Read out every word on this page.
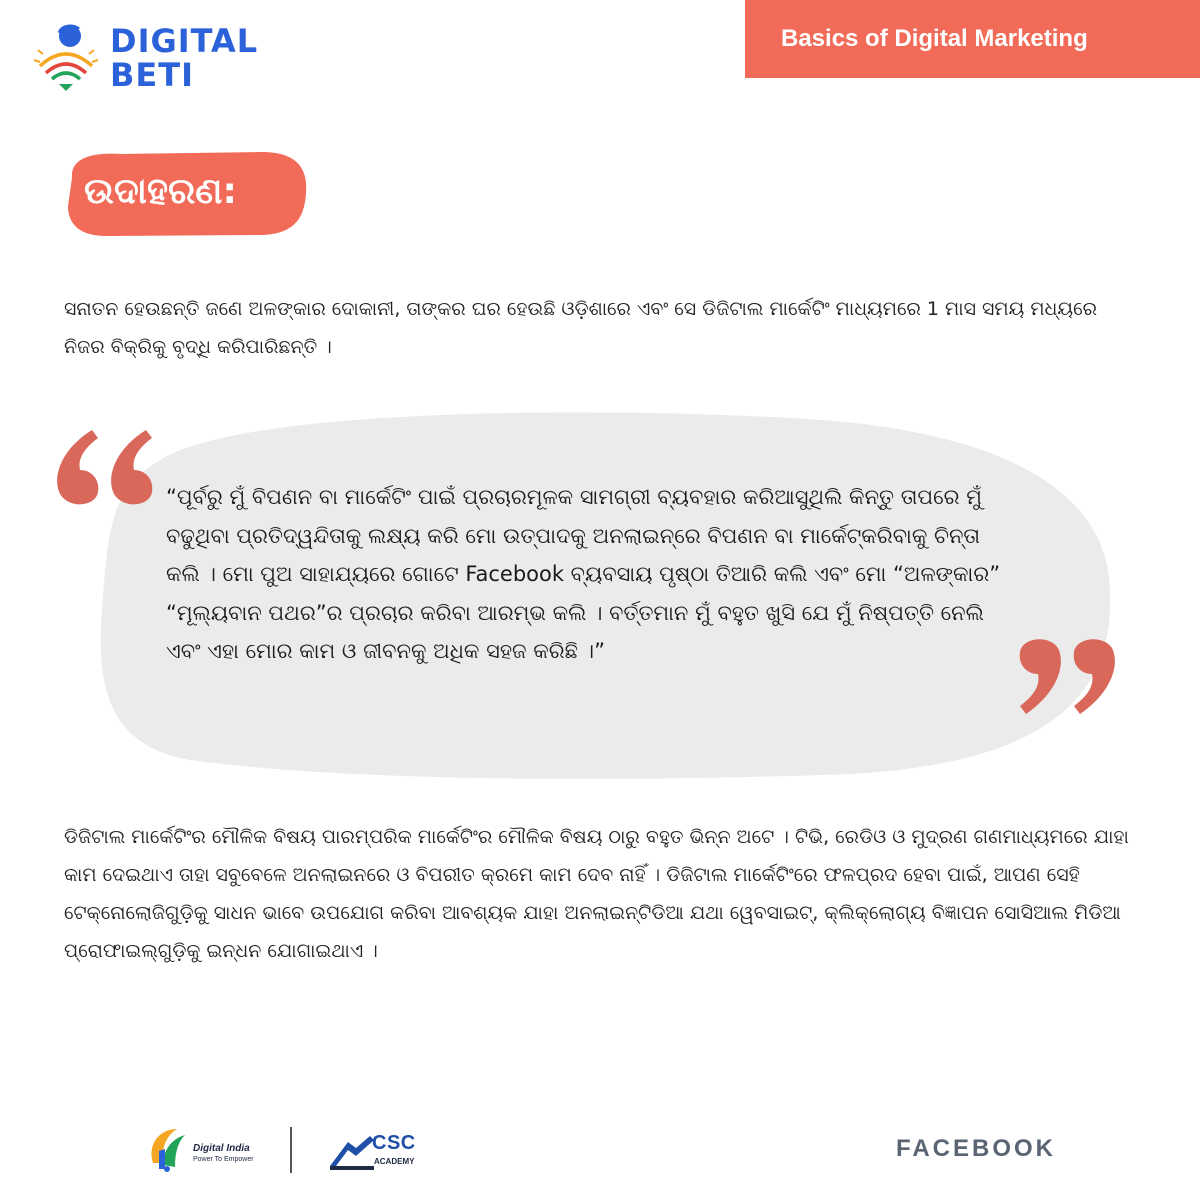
DIGITAL
BETI
Basics of Digital Marketing
ଉଦାହରଣ:
ସନାତନ ହେଉଛନ୍ତି ଜଣେ ଅଳଙ୍କାର ଦୋକାନୀ, ତାଙ୍କର ଘର ହେଉଛି ଓଡ଼ିଶାରେ ଏବଂ ସେ ଡିଜିଟାଲ ମାର୍କେଟିଂ ମାଧ୍ୟମରେ 1 ମାସ ସମୟ ମଧ୍ୟରେ ନିଜର ବିକ୍ରିକୁ ବୃଦ୍ଧି କରିପାରିଛନ୍ତି ।
“ପୂର୍ବରୁ ମୁଁ ବିପଣନ ବା ମାର୍କେଟିଂ ପାଇଁ ପ୍ରଚାରମୂଳକ ସାମଗ୍ରୀ ବ୍ୟବହାର କରିଆସୁଥିଲି କିନ୍ତୁ ତାପରେ ମୁଁ ବଢୁଥିବା ପ୍ରତିଦ୍ୱନ୍ଦିତାକୁ ଲକ୍ଷ୍ୟ କରି ମୋ ଉତ୍ପାଦକୁ ଅନଲାଇନ୍‌ରେ ବିପଣନ ବା ମାର୍କେଟ୍‌କରିବାକୁ ଚିନ୍ତା କଲି । ମୋ ପୁଅ ସାହାଯ୍ୟରେ ଗୋଟେ Facebook ବ୍ୟବସାୟ ପୃଷ୍ଠା ତିଆରି କଲି ଏବଂ ମୋ “ଅଳଙ୍କାର” “ମୂଲ୍ୟବାନ ପଥର”ର ପ୍ରଚାର କରିବା ଆରମ୍ଭ କଲି । ବର୍ତ୍ତମାନ ମୁଁ ବହୁତ ଖୁସି ଯେ ମୁଁ ନିଷ୍ପତ୍ତି ନେଲି ଏବଂ ଏହା ମୋର କାମ ଓ ଜୀବନକୁ ଅଧିକ ସହଜ କରିଛି ।”
ଡିଜିଟାଲ ମାର୍କେଟିଂର ମୌଳିକ ବିଷୟ ପାରମ୍ପରିକ ମାର୍କେଟିଂର ମୌଳିକ ବିଷୟ ଠାରୁ ବହୁତ ଭିନ୍ନ ଅଟେ । ଟିଭି, ରେଡିଓ ଓ ମୁଦ୍ରଣ ଗଣମାଧ୍ୟମରେ ଯାହା କାମ ଦେଇଥାଏ ତାହା ସବୁବେଳେ ଅନଲାଇନରେ ଓ ବିପରୀତ କ୍ରମେ କାମ ଦେବ ନାହିଁ । ଡିଜିଟାଲ ମାର୍କେଟିଂରେ ଫଳପ୍ରଦ ହେବା ପାଇଁ, ଆପଣ ସେହି ଟେକ୍ନୋଲୋଜିଗୁଡ଼ିକୁ ସାଧନ ଭାବେ ଉପଯୋଗ କରିବା ଆବଶ୍ୟକ ଯାହା ଅନଲାଇନ୍ଟିଡିଆ ଯଥା ୱେବସାଇଟ୍, କ୍ଲିକ୍ଲୋଗ୍ୟ ବିଜ୍ଞାପନ ସୋସିଆଲ ମିଡିଆ ପ୍ରୋଫାଇଲ୍ଗୁଡ଼ିକୁ ଇନ୍ଧନ ଯୋଗାଇଥାଏ ।
Digital India
Power To Empower
CSC
ACADEMY	FACEBOOK
